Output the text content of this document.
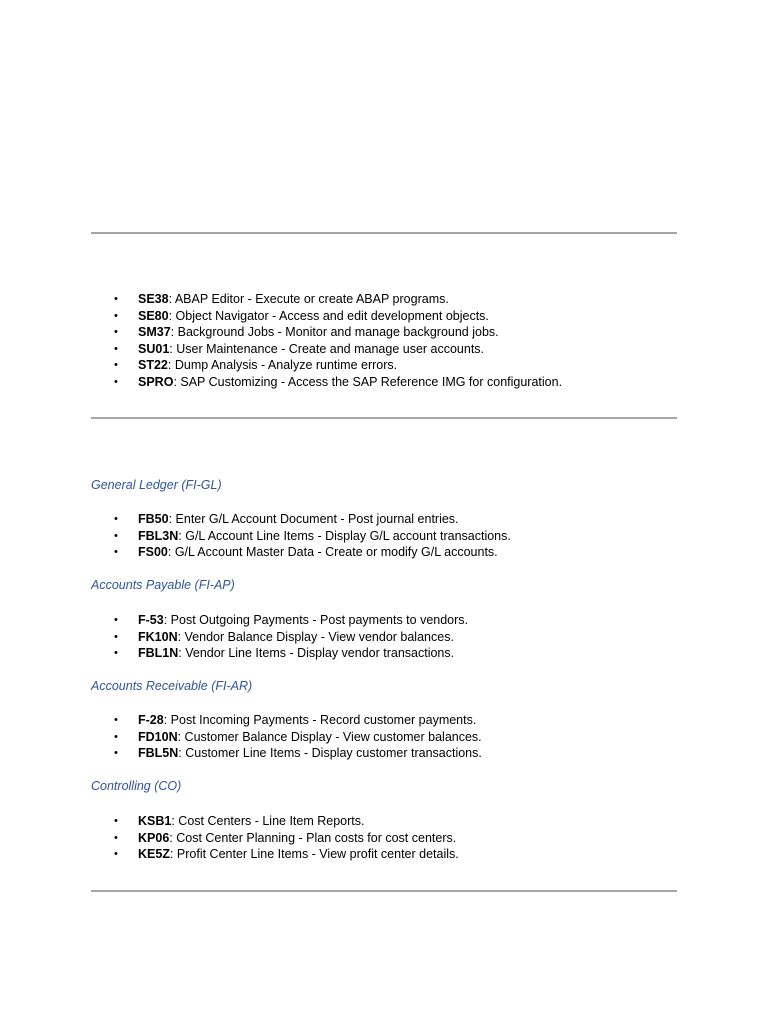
• SE38: ABAP Editor - Execute or create ABAP programs.
• SE80: Object Navigator - Access and edit development objects.
• SM37: Background Jobs - Monitor and manage background jobs.
• SU01: User Maintenance - Create and manage user accounts.
• ST22: Dump Analysis - Analyze runtime errors.
• SPRO: SAP Customizing - Access the SAP Reference IMG for configuration.
General Ledger (FI-GL)
• FB50: Enter G/L Account Document - Post journal entries.
• FBL3N: G/L Account Line Items - Display G/L account transactions.
• FS00: G/L Account Master Data - Create or modify G/L accounts.
Accounts Payable (FI-AP)
• F-53: Post Outgoing Payments - Post payments to vendors.
• FK10N: Vendor Balance Display - View vendor balances.
• FBL1N: Vendor Line Items - Display vendor transactions.
Accounts Receivable (FI-AR)
• F-28: Post Incoming Payments - Record customer payments.
• FD10N: Customer Balance Display - View customer balances.
• FBL5N: Customer Line Items - Display customer transactions.
Controlling (CO)
• KSB1: Cost Centers - Line Item Reports.
• KP06: Cost Center Planning - Plan costs for cost centers.
• KE5Z: Profit Center Line Items - View profit center details.
